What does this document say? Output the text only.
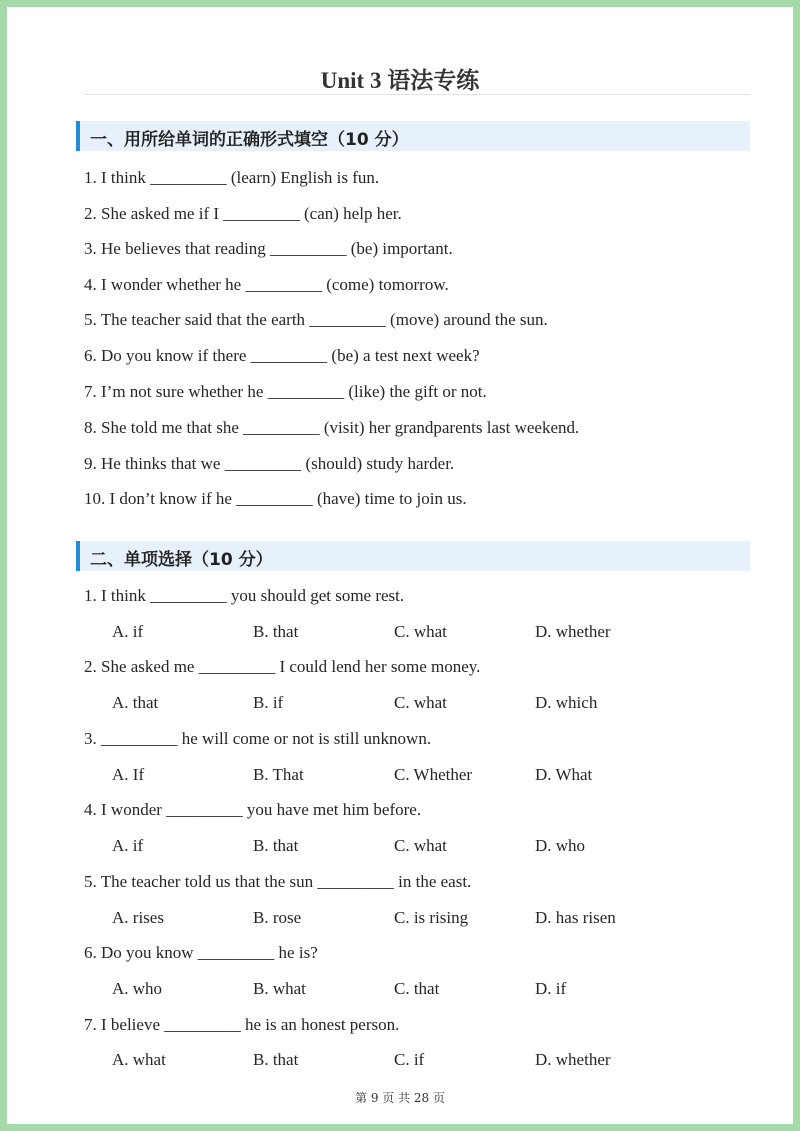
Unit 3 语法专练
一、用所给单词的正确形式填空（10 分）
1. I think _________ (learn) English is fun.
2. She asked me if I _________ (can) help her.
3. He believes that reading _________ (be) important.
4. I wonder whether he _________ (come) tomorrow.
5. The teacher said that the earth _________ (move) around the sun.
6. Do you know if there _________ (be) a test next week?
7. I’m not sure whether he _________ (like) the gift or not.
8. She told me that she _________ (visit) her grandparents last weekend.
9. He thinks that we _________ (should) study harder.
10. I don’t know if he _________ (have) time to join us.
二、单项选择（10 分）
1. I think _________ you should get some rest.
A. if	B. that	C. what	D. whether
2. She asked me _________ I could lend her some money.
A. that	B. if	C. what	D. which
3. _________ he will come or not is still unknown.
A. If	B. That	C. Whether	D. What
4. I wonder _________ you have met him before.
A. if	B. that	C. what	D. who
5. The teacher told us that the sun _________ in the east.
A. rises	B. rose	C. is rising	D. has risen
6. Do you know _________ he is?
A. who	B. what	C. that	D. if
7. I believe _________ he is an honest person.
A. what	B. that	C. if	D. whether
第 9 页 共 28 页
